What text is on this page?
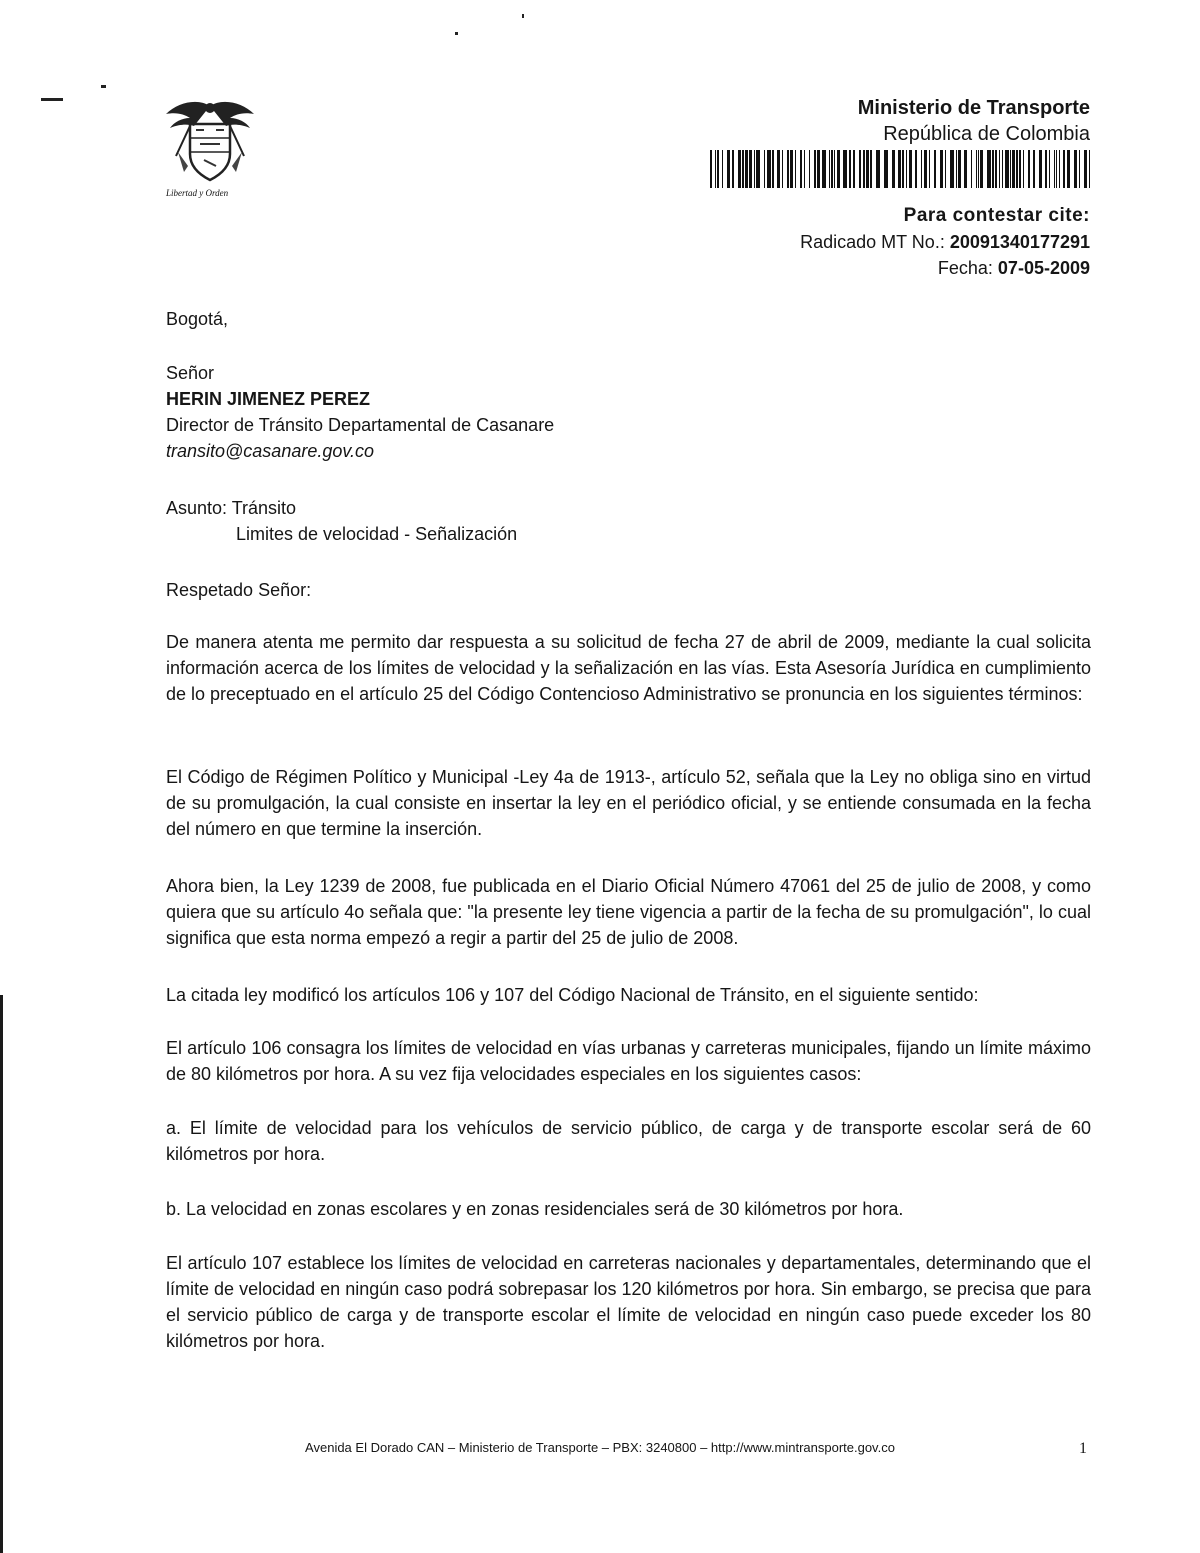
Libertad y Orden
Ministerio de Transporte
República de Colombia
Para contestar cite:
Radicado MT No.: 20091340177291
Fecha: 07-05-2009
Bogotá,
Señor
HERIN JIMENEZ PEREZ
Director de Tránsito Departamental de Casanare
transito@casanare.gov.co
Asunto: Tránsito
Limites de velocidad - Señalización
Respetado Señor:
De manera atenta me permito dar respuesta a su solicitud de fecha 27 de abril de 2009, mediante la cual solicita información acerca de los límites de velocidad y la señalización en las vías. Esta Asesoría Jurídica en cumplimiento de lo preceptuado en el artículo 25 del Código Contencioso Administrativo se pronuncia en los siguientes términos:
El Código de Régimen Político y Municipal -Ley 4a de 1913-, artículo 52, señala que la Ley no obliga sino en virtud de su promulgación, la cual consiste en insertar la ley en el periódico oficial, y se entiende consumada en la fecha del número en que termine la inserción.
Ahora bien, la Ley 1239 de 2008, fue publicada en el Diario Oficial Número 47061 del 25 de julio de 2008, y como quiera que su artículo 4o señala que: "la presente ley tiene vigencia a partir de la fecha de su promulgación", lo cual significa que esta norma empezó a regir a partir del 25 de julio de 2008.
La citada ley modificó los artículos 106 y 107 del Código Nacional de Tránsito, en el siguiente sentido:
El artículo 106 consagra los límites de velocidad en vías urbanas y carreteras municipales, fijando un límite máximo de 80 kilómetros por hora. A su vez fija velocidades especiales en los siguientes casos:
a. El límite de velocidad para los vehículos de servicio público, de carga y de transporte escolar será de 60 kilómetros por hora.
b. La velocidad en zonas escolares y en zonas residenciales será de 30 kilómetros por hora.
El artículo 107 establece los límites de velocidad en carreteras nacionales y departamentales, determinando que el límite de velocidad en ningún caso podrá sobrepasar los 120 kilómetros por hora. Sin embargo, se precisa que para el servicio público de carga y de transporte escolar el límite de velocidad en ningún caso puede exceder los 80 kilómetros por hora.
Avenida El Dorado CAN – Ministerio de Transporte – PBX: 3240800 – http://www.mintransporte.gov.co	1
